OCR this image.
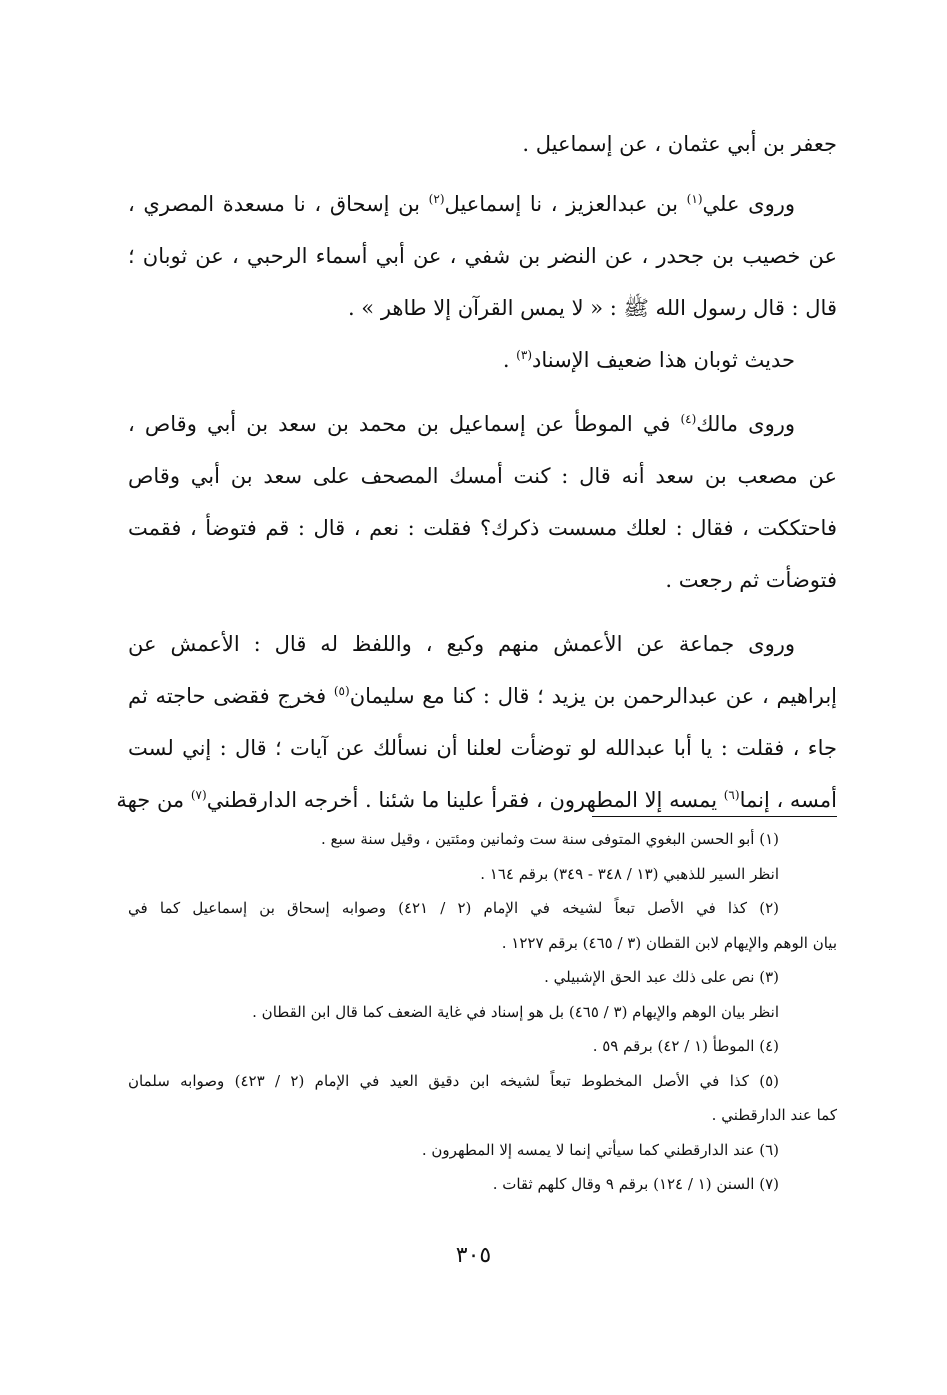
جعفر بن أبي عثمان ، عن إسماعيل .
وروى علي$^{(١)}$ بن عبدالعزيز ، نا إسماعيل$^{(٢)}$ بن إسحاق ، نا مسعدة المصري ،
عن خصيب بن جحدر ، عن النضر بن شفي ، عن أبي أسماء الرحبي ، عن ثوبان ؛
قال : قال رسول الله ﷺ : « لا يمس القرآن إلا طاهر » .
حديث ثوبان هذا ضعيف الإسناد$^{(٣)}$ .
وروى مالك$^{(٤)}$ في الموطأ عن إسماعيل بن محمد بن سعد بن أبي وقاص ،
عن مصعب بن سعد أنه قال : كنت أمسك المصحف على سعد بن أبي وقاص
فاحتككت ، فقال : لعلك مسست ذكرك؟ فقلت : نعم ، قال : قم فتوضأ ، فقمت
فتوضأت ثم رجعت .
وروى جماعة عن الأعمش منهم وكيع ، واللفظ له قال : الأعمش عن
إبراهيم ، عن عبدالرحمن بن يزيد ؛ قال : كنا مع سليمان$^{(٥)}$ فخرج فقضى حاجته ثم
جاء ، فقلت : يا أبا عبدالله لو توضأت لعلنا أن نسألك عن آيات ؛ قال : إني لست
أمسه ، إنما$^{(٦)}$ يمسه إلا المطهرون ، فقرأ علينا ما شئنا . أخرجه الدارقطني$^{(٧)}$ من جهة
(١) أبو الحسن البغوي المتوفى سنة ست وثمانين ومئتين ، وقيل سنة سبع .
انظر السير للذهبي (١٣ / ٣٤٨ - ٣٤٩) برقم ١٦٤ .
(٢) كذا في الأصل تبعاً لشيخه في الإمام (٢ / ٤٢١) وصوابه إسحاق بن إسماعيل كما في
بيان الوهم والإيهام لابن القطان (٣ / ٤٦٥) برقم ١٢٢٧ .
(٣) نص على ذلك عبد الحق الإشبيلي .
انظر بيان الوهم والإيهام (٣ / ٤٦٥) بل هو إسناد في غاية الضعف كما قال ابن القطان .
(٤) الموطأ (١ / ٤٢) برقم ٥٩ .
(٥) كذا في الأصل المخطوط تبعاً لشيخه ابن دقيق العيد في الإمام (٢ / ٤٢٣) وصوابه سلمان
كما عند الدارقطني .
(٦) عند الدارقطني كما سيأتي إنما لا يمسه إلا المطهرون .
(٧) السنن (١ / ١٢٤) برقم ٩ وقال كلهم ثقات .
٣٠٥
